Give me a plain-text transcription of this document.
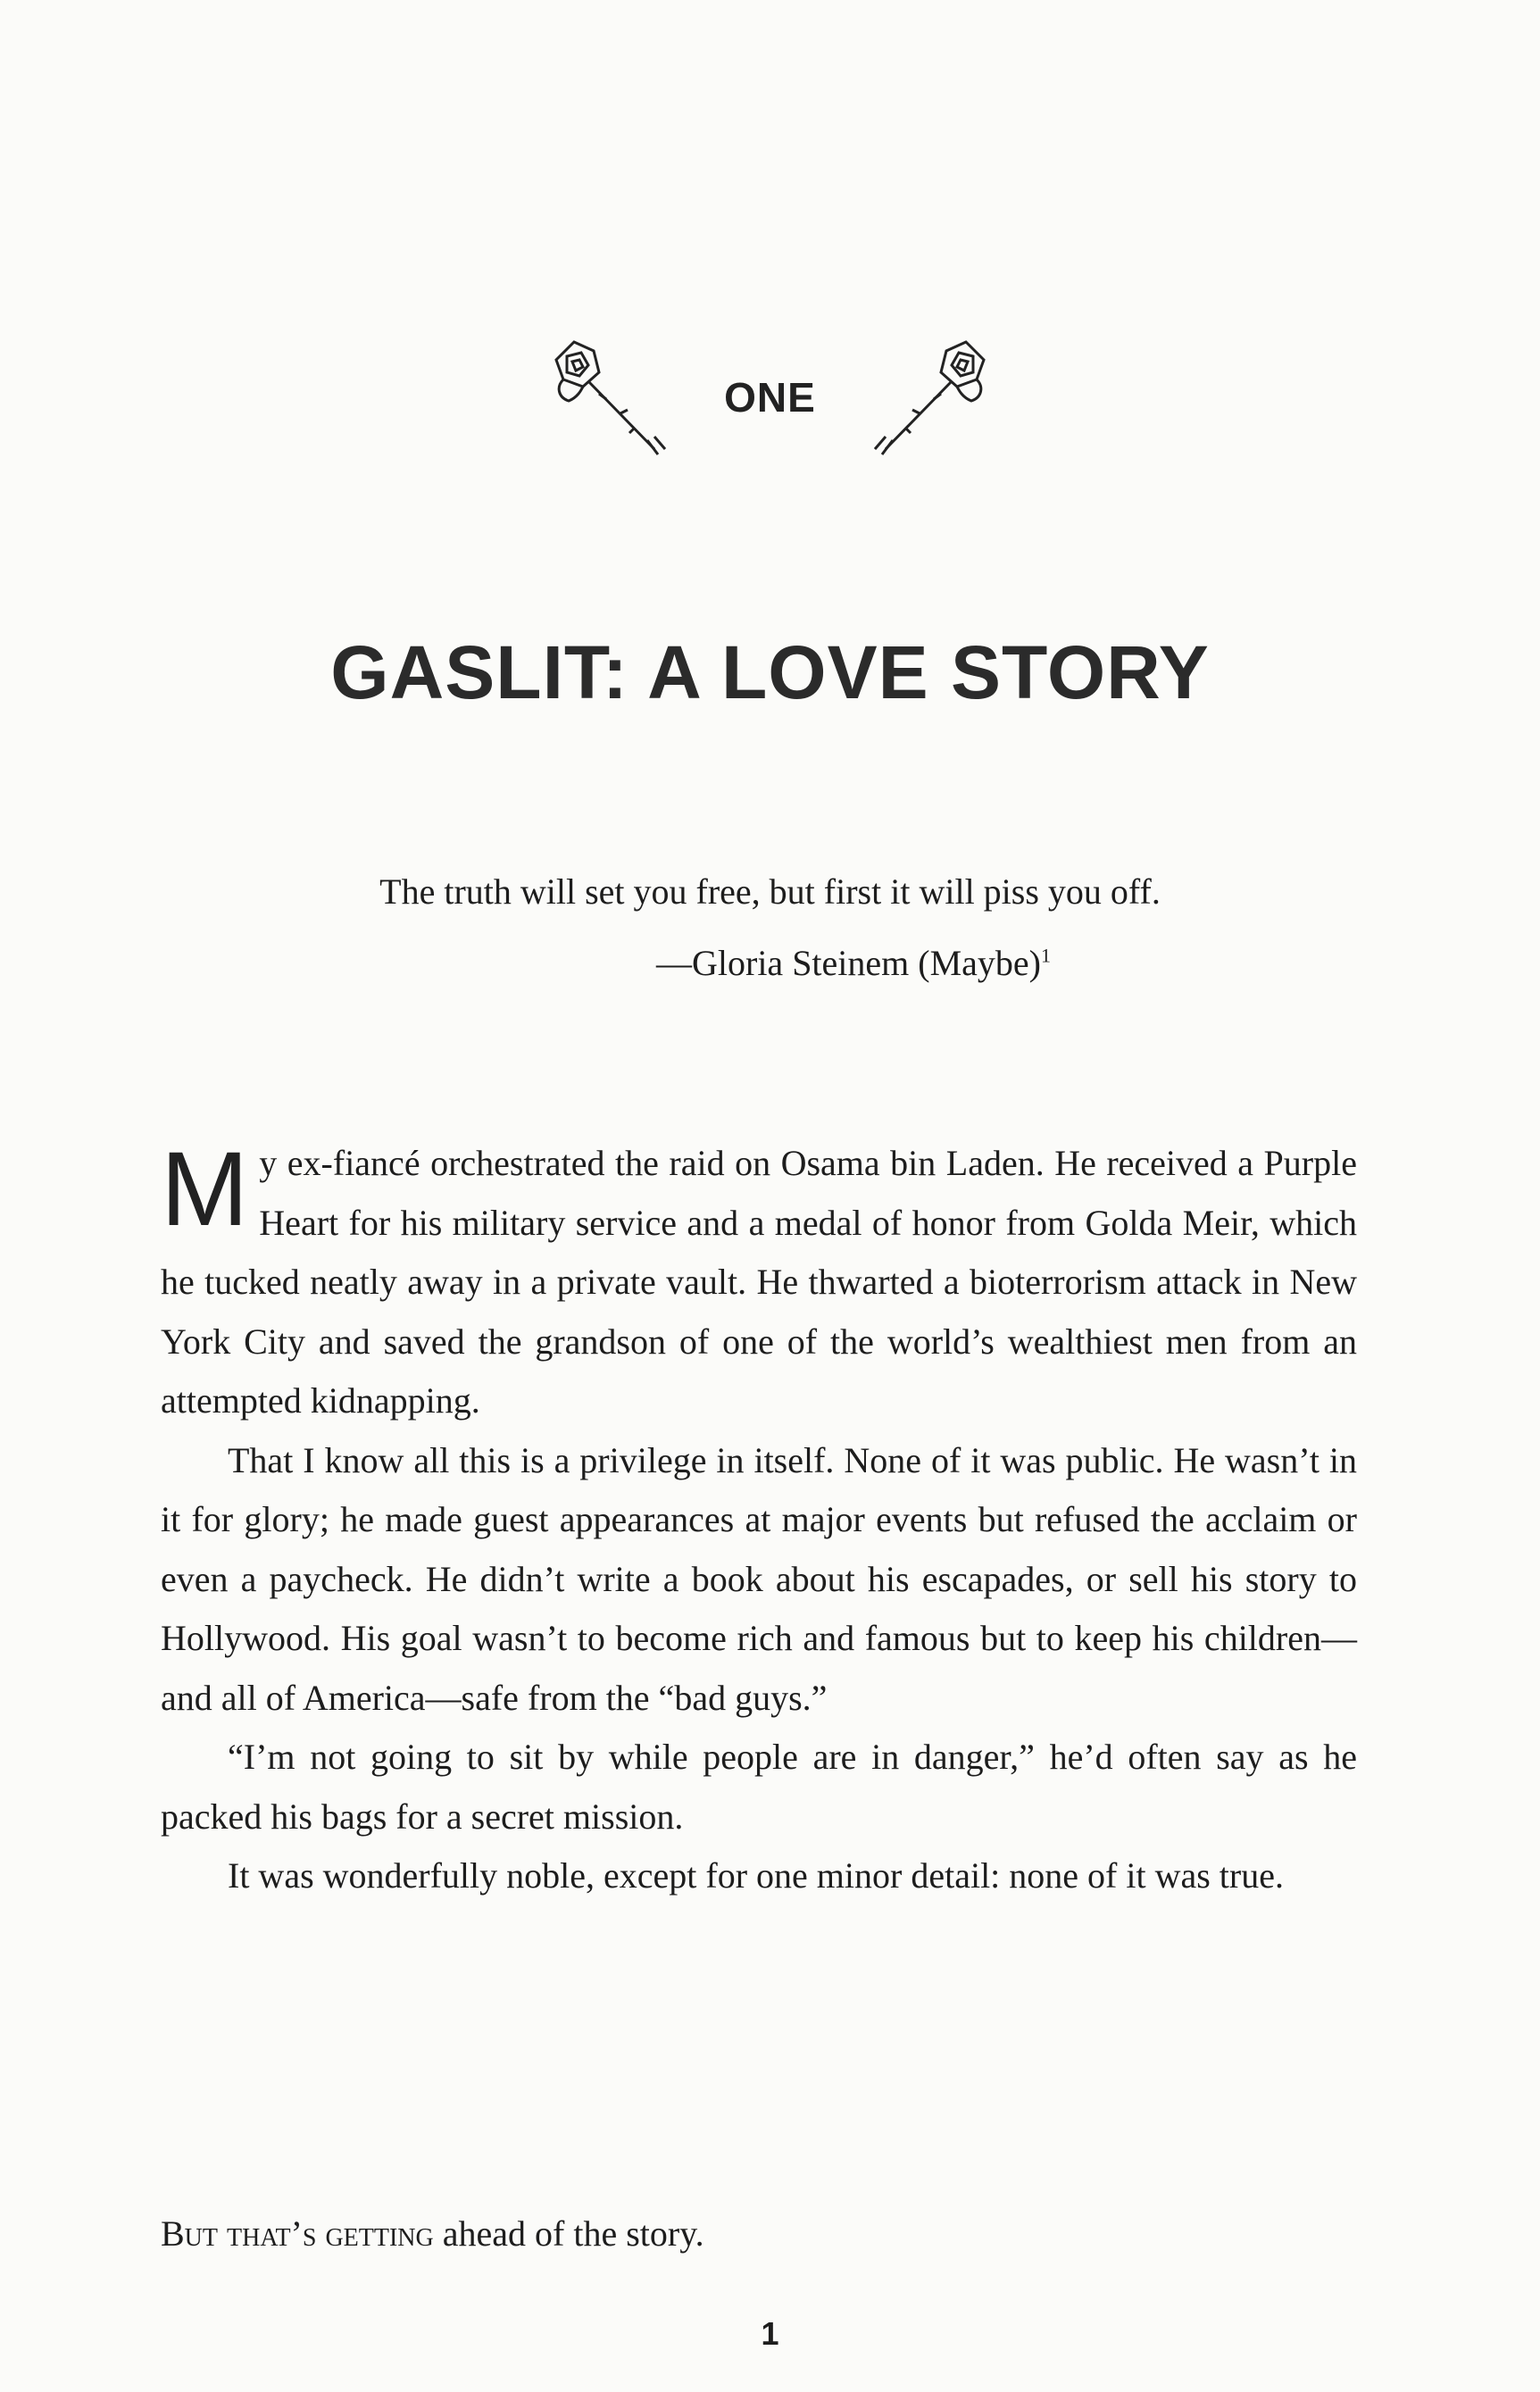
ONE
GASLIT: A LOVE STORY

The truth will set you free, but first it will piss you off.

—Gloria Steinem (Maybe)$^1$

My ex-fiancé orchestrated the raid on Osama bin Laden. He received a Purple Heart for his military service and a medal of honor from Golda Meir, which he tucked neatly away in a private vault. He thwarted a bioterrorism attack in New York City and saved the grandson of one of the world’s wealthiest men from an attempted kidnapping.

That I know all this is a privilege in itself. None of it was public. He wasn’t in it for glory; he made guest appearances at major events but refused the acclaim or even a paycheck. He didn’t write a book about his escapades, or sell his story to Hollywood. His goal wasn’t to become rich and famous but to keep his children—and all of America—safe from the “bad guys.”

“I’m not going to sit by while people are in danger,” he’d often say as he packed his bags for a secret mission.

It was wonderfully noble, except for one minor detail: none of it was true.

But that’s getting ahead of the story.

1
